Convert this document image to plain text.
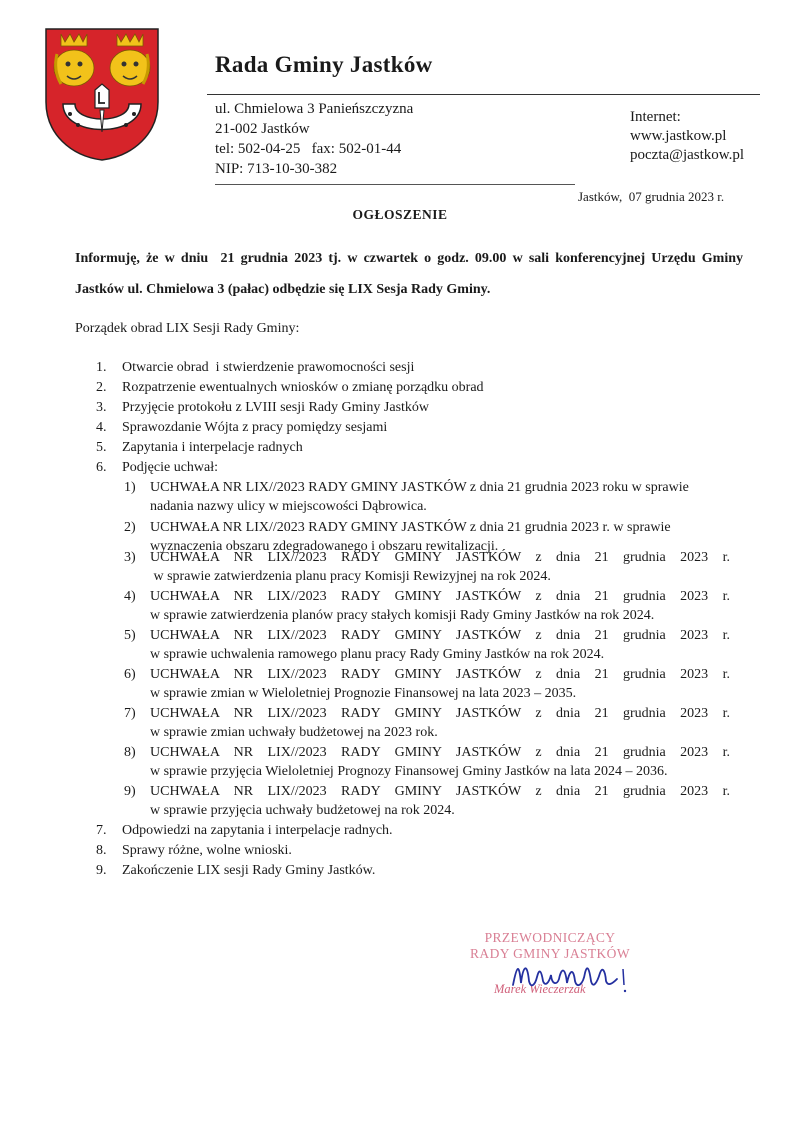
Rada Gminy Jastków
ul. Chmielowa 3 Panieńszczyzna
21-002 Jastków
tel: 502-04-25   fax: 502-01-44
NIP: 713-10-30-382
Internet:
www.jastkow.pl
poczta@jastkow.pl
Jastków,  07 grudnia 2023 r.
OGŁOSZENIE
Informuję, że w dniu  21 grudnia 2023 tj. w czwartek o godz. 09.00 w sali konferencyjnej Urzędu Gminy
Jastków ul. Chmielowa 3 (pałac) odbędzie się LIX Sesja Rady Gminy.
Porządek obrad LIX Sesji Rady Gminy:
1. Otwarcie obrad  i stwierdzenie prawomocności sesji
2. Rozpatrzenie ewentualnych wniosków o zmianę porządku obrad
3. Przyjęcie protokołu z LVIII sesji Rady Gminy Jastków
4. Sprawozdanie Wójta z pracy pomiędzy sesjami
5. Zapytania i interpelacje radnych
6. Podjęcie uchwał:
1) UCHWAŁA NR LIX//2023 RADY GMINY JASTKÓW z dnia 21 grudnia 2023 roku w sprawie
nadania nazwy ulicy w miejscowości Dąbrowica.
2) UCHWAŁA NR LIX//2023 RADY GMINY JASTKÓW z dnia 21 grudnia 2023 r. w sprawie
wyznaczenia obszaru zdegradowanego i obszaru rewitalizacji.
3) UCHWAŁA NR LIX//2023 RADY GMINY JASTKÓW z dnia 21 grudnia 2023 r.
w sprawie zatwierdzenia planu pracy Komisji Rewizyjnej na rok 2024.
4) UCHWAŁA NR LIX//2023 RADY GMINY JASTKÓW z dnia 21 grudnia 2023 r.
w sprawie zatwierdzenia planów pracy stałych komisji Rady Gminy Jastków na rok 2024.
5) UCHWAŁA NR LIX//2023 RADY GMINY JASTKÓW z dnia 21 grudnia 2023 r.
w sprawie uchwalenia ramowego planu pracy Rady Gminy Jastków na rok 2024.
6) UCHWAŁA NR LIX//2023 RADY GMINY JASTKÓW z dnia 21 grudnia 2023 r.
w sprawie zmian w Wieloletniej Prognozie Finansowej na lata 2023 – 2035.
7) UCHWAŁA NR LIX//2023 RADY GMINY JASTKÓW z dnia 21 grudnia 2023 r.
w sprawie zmian uchwały budżetowej na 2023 rok.
8) UCHWAŁA NR LIX//2023 RADY GMINY JASTKÓW z dnia 21 grudnia 2023 r.
w sprawie przyjęcia Wieloletniej Prognozy Finansowej Gminy Jastków na lata 2024 – 2036.
9) UCHWAŁA NR LIX//2023 RADY GMINY JASTKÓW z dnia 21 grudnia 2023 r.
w sprawie przyjęcia uchwały budżetowej na rok 2024.
7. Odpowiedzi na zapytania i interpelacje radnych.
8. Sprawy różne, wolne wnioski.
9. Zakończenie LIX sesji Rady Gminy Jastków.
PRZEWODNICZĄCY
RADY GMINY JASTKÓW
Marek Wieczerzak
